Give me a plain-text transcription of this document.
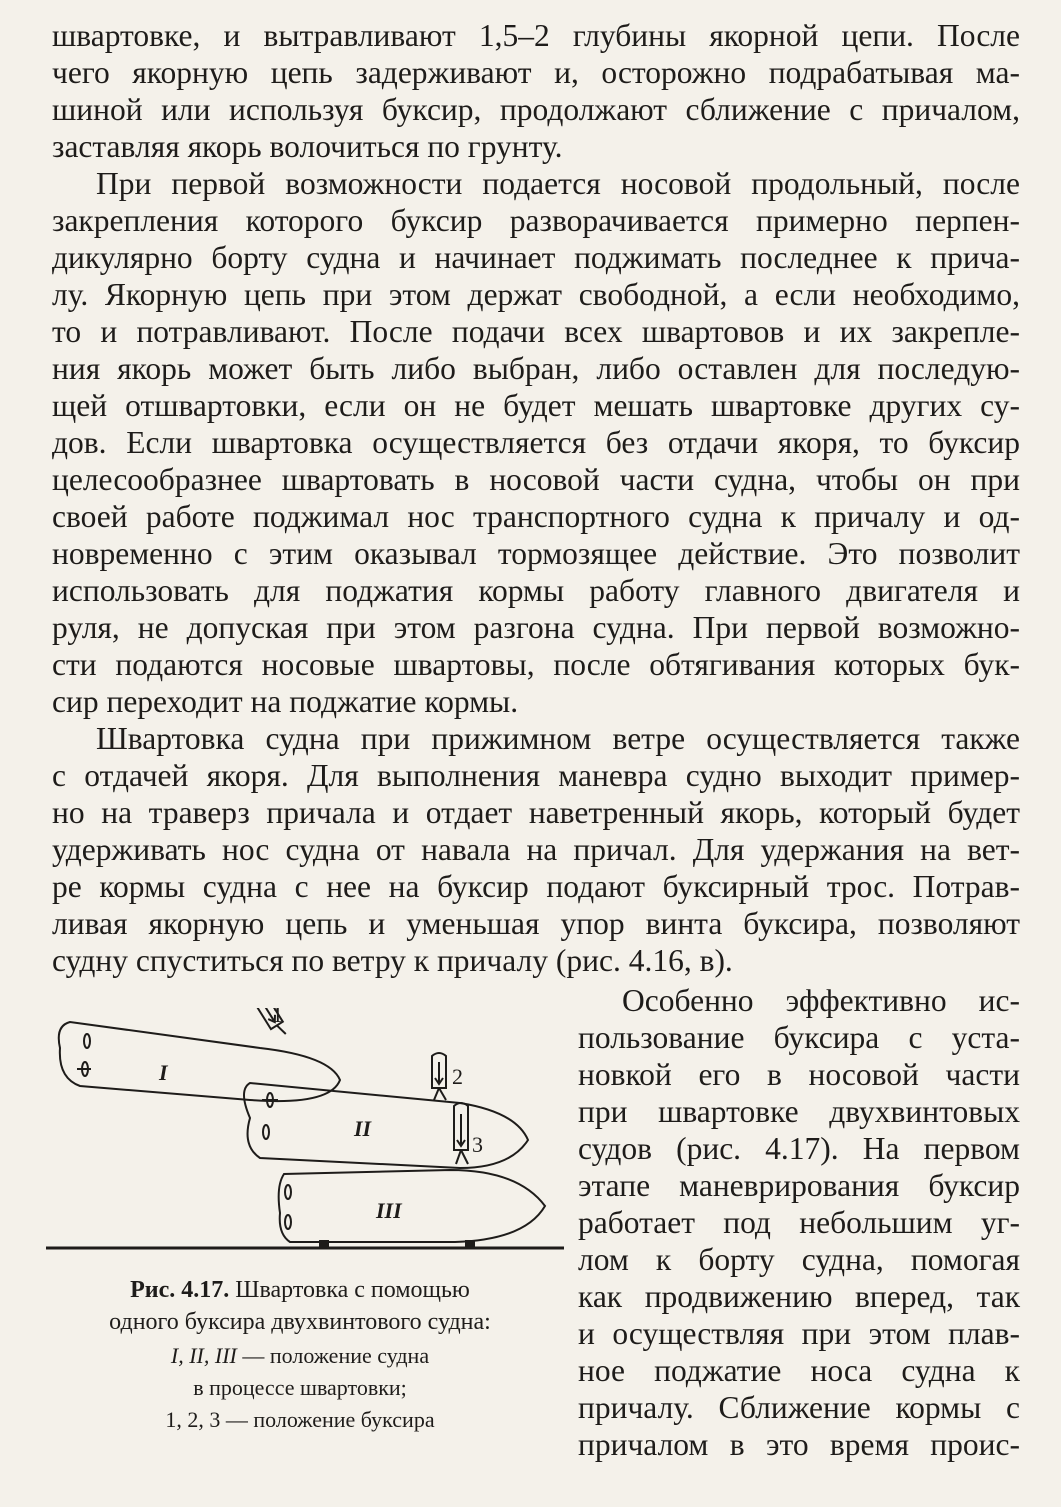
швартовке, и вытравливают 1,5–2 глубины якорной цепи. После
чего якорную цепь задерживают и, осторожно подрабатывая ма-
шиной или используя буксир, продолжают сближение с причалом,
заставляя якорь волочиться по грунту.
При первой возможности подается носовой продольный, после
закрепления которого буксир разворачивается примерно перпен-
дикулярно борту судна и начинает поджимать последнее к прича-
лу. Якорную цепь при этом держат свободной, а если необходимо,
то и потравливают. После подачи всех швартовов и их закрепле-
ния якорь может быть либо выбран, либо оставлен для последую-
щей отшвартовки, если он не будет мешать швартовке других су-
дов. Если швартовка осуществляется без отдачи якоря, то буксир
целесообразнее швартовать в носовой части судна, чтобы он при
своей работе поджимал нос транспортного судна к причалу и од-
новременно с этим оказывал тормозящее действие. Это позволит
использовать для поджатия кормы работу главного двигателя и
руля, не допуская при этом разгона судна. При первой возможно-
сти подаются носовые швартовы, после обтягивания которых бук-
сир переходит на поджатие кормы.
Швартовка судна при прижимном ветре осуществляется также
с отдачей якоря. Для выполнения маневра судно выходит пример-
но на траверз причала и отдает наветренный якорь, который будет
удерживать нос судна от навала на причал. Для удержания на вет-
ре кормы судна с нее на буксир подают буксирный трос. Потрав-
ливая якорную цепь и уменьшая упор винта буксира, позволяют
судну спуститься по ветру к причалу (рис. 4.16, в).
Особенно эффективно ис-
пользование буксира с уста-
новкой его в носовой части
при швартовке двухвинтовых
судов (рис. 4.17). На первом
этапе маневрирования буксир
работает под небольшим уг-
лом к борту судна, помогая
как продвижению вперед, так
и осуществляя при этом плав-
ное поджатие носа судна к
причалу. Сближение кормы с
причалом в это время проис-
I
II
III
1
2
3
Рис. 4.17. Швартовка с помощью
одного буксира двухвинтового судна:
I, II, III — положение судна
в процессе швартовки;
1, 2, 3 — положение буксира
